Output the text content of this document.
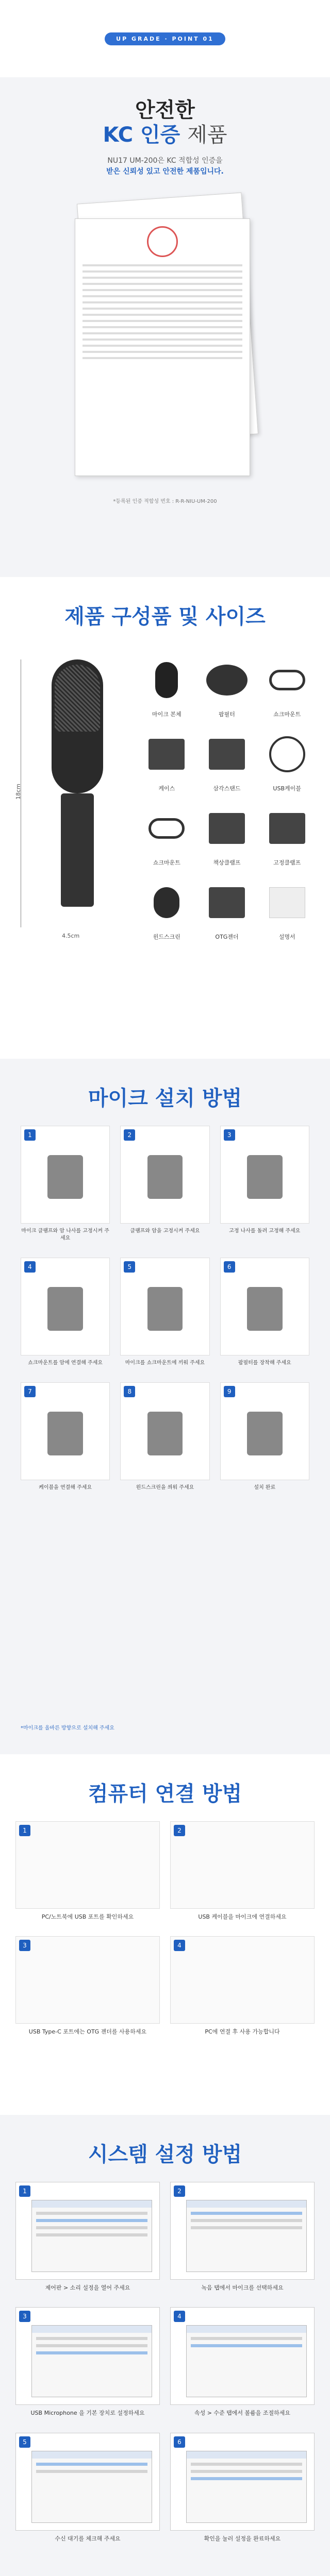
UP GRADE · POINT 01
안전한
KC 인증 제품
NU17 UM-200은 KC 적합성 인증을
받은 신뢰성 있고 안전한 제품입니다.
*등록된 인증 적합성 번호 : R-R-NIU-UM-200
제품 구성품 및 사이즈
18cm
4.5cm
마이크 본체	팝필터	쇼크마운트
케이스	삼각스탠드	USB케이블
쇼크마운트	책상클램프	고정클램프
윈드스크린	OTG젠더	설명서
마이크 설치 방법
1
마이크 클램프와 암 나사를 고정시켜 주세요
2
클램프와 암을 고정시켜 주세요
3
고정 나사를 돌려 고정해 주세요
4
쇼크마운트를 암에 연결해 주세요
5
마이크를 쇼크마운트에 끼워 주세요
6
팝필터를 장착해 주세요
7
케이블을 연결해 주세요
8
윈드스크린을 씌워 주세요
9
설치 완료
*마이크를 올바른 방향으로 설치해 주세요
컴퓨터 연결 방법
1
PC/노트북에 USB 포트를 확인하세요
2
USB 케이블을 마이크에 연결하세요
3
USB Type-C 포트에는 OTG 젠더를 사용하세요
4
PC에 연결 후 사용 가능합니다
시스템 설정 방법
1
제어판 > 소리 설정을 열어 주세요
2
녹음 탭에서 마이크를 선택하세요
3
USB Microphone 을 기본 장치로 설정하세요
4
속성 > 수준 탭에서 볼륨을 조절하세요
5
수신 대기를 체크해 주세요
6
확인을 눌러 설정을 완료하세요
